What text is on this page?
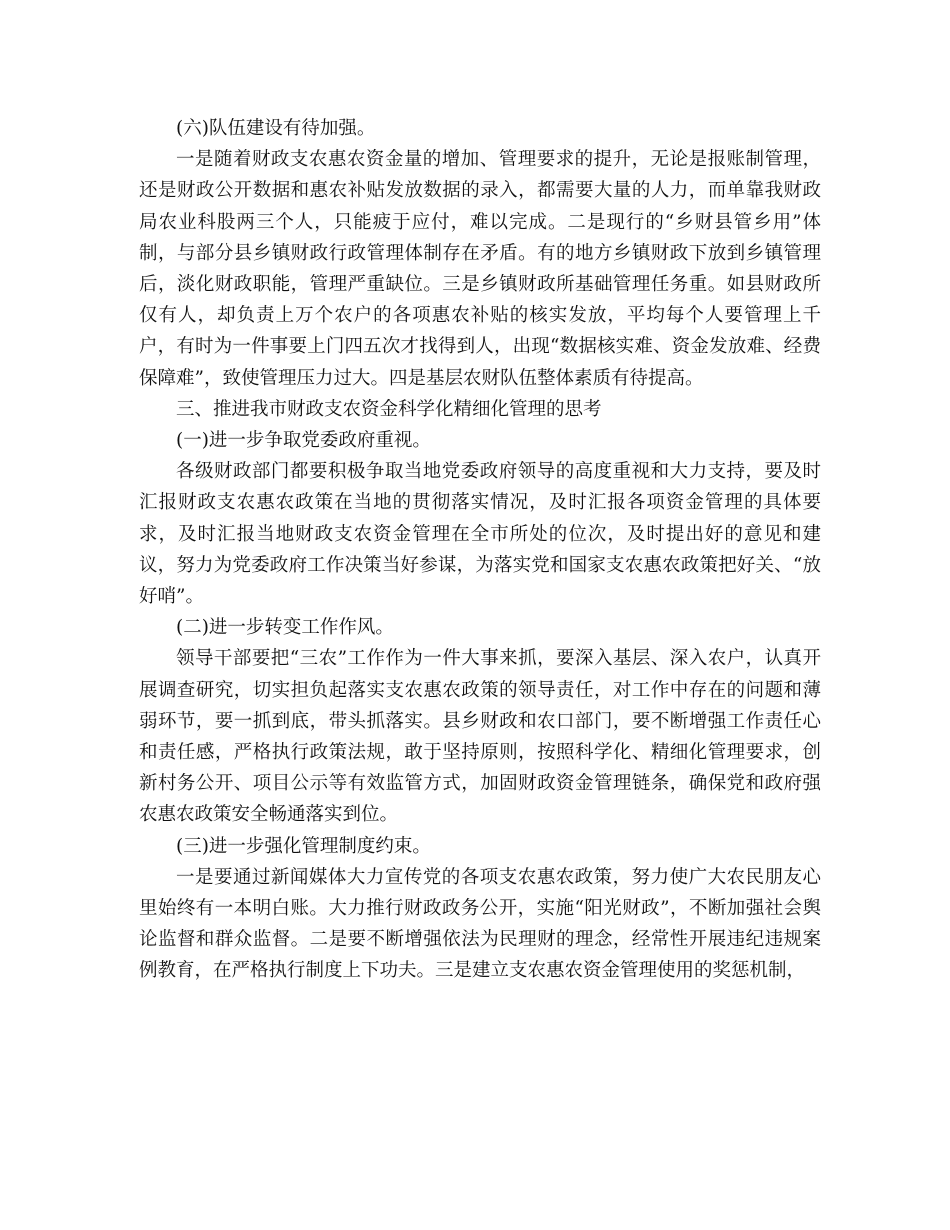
(六)队伍建设有待加强。

一是随着财政支农惠农资金量的增加、管理要求的提升，无论是报账制管理，还是财政公开数据和惠农补贴发放数据的录入，都需要大量的人力，而单靠我财政局农业科股两三个人，只能疲于应付，难以完成。二是现行的“乡财县管乡用”体制，与部分县乡镇财政行政管理体制存在矛盾。有的地方乡镇财政下放到乡镇管理后，淡化财政职能，管理严重缺位。三是乡镇财政所基础管理任务重。如县财政所仅有人，却负责上万个农户的各项惠农补贴的核实发放，平均每个人要管理上千户，有时为一件事要上门四五次才找得到人，出现“数据核实难、资金发放难、经费保障难”，致使管理压力过大。四是基层农财队伍整体素质有待提高。

三、推进我市财政支农资金科学化精细化管理的思考

(一)进一步争取党委政府重视。

各级财政部门都要积极争取当地党委政府领导的高度重视和大力支持，要及时汇报财政支农惠农政策在当地的贯彻落实情况，及时汇报各项资金管理的具体要求，及时汇报当地财政支农资金管理在全市所处的位次，及时提出好的意见和建议，努力为党委政府工作决策当好参谋，为落实党和国家支农惠农政策把好关、“放好哨”。

(二)进一步转变工作作风。

领导干部要把“三农”工作作为一件大事来抓，要深入基层、深入农户，认真开展调查研究，切实担负起落实支农惠农政策的领导责任，对工作中存在的问题和薄弱环节，要一抓到底，带头抓落实。县乡财政和农口部门，要不断增强工作责任心和责任感，严格执行政策法规，敢于坚持原则，按照科学化、精细化管理要求，创新村务公开、项目公示等有效监管方式，加固财政资金管理链条，确保党和政府强农惠农政策安全畅通落实到位。

(三)进一步强化管理制度约束。

一是要通过新闻媒体大力宣传党的各项支农惠农政策，努力使广大农民朋友心里始终有一本明白账。大力推行财政政务公开，实施“阳光财政”，不断加强社会舆论监督和群众监督。二是要不断增强依法为民理财的理念，经常性开展违纪违规案例教育，在严格执行制度上下功夫。三是建立支农惠农资金管理使用的奖惩机制，
